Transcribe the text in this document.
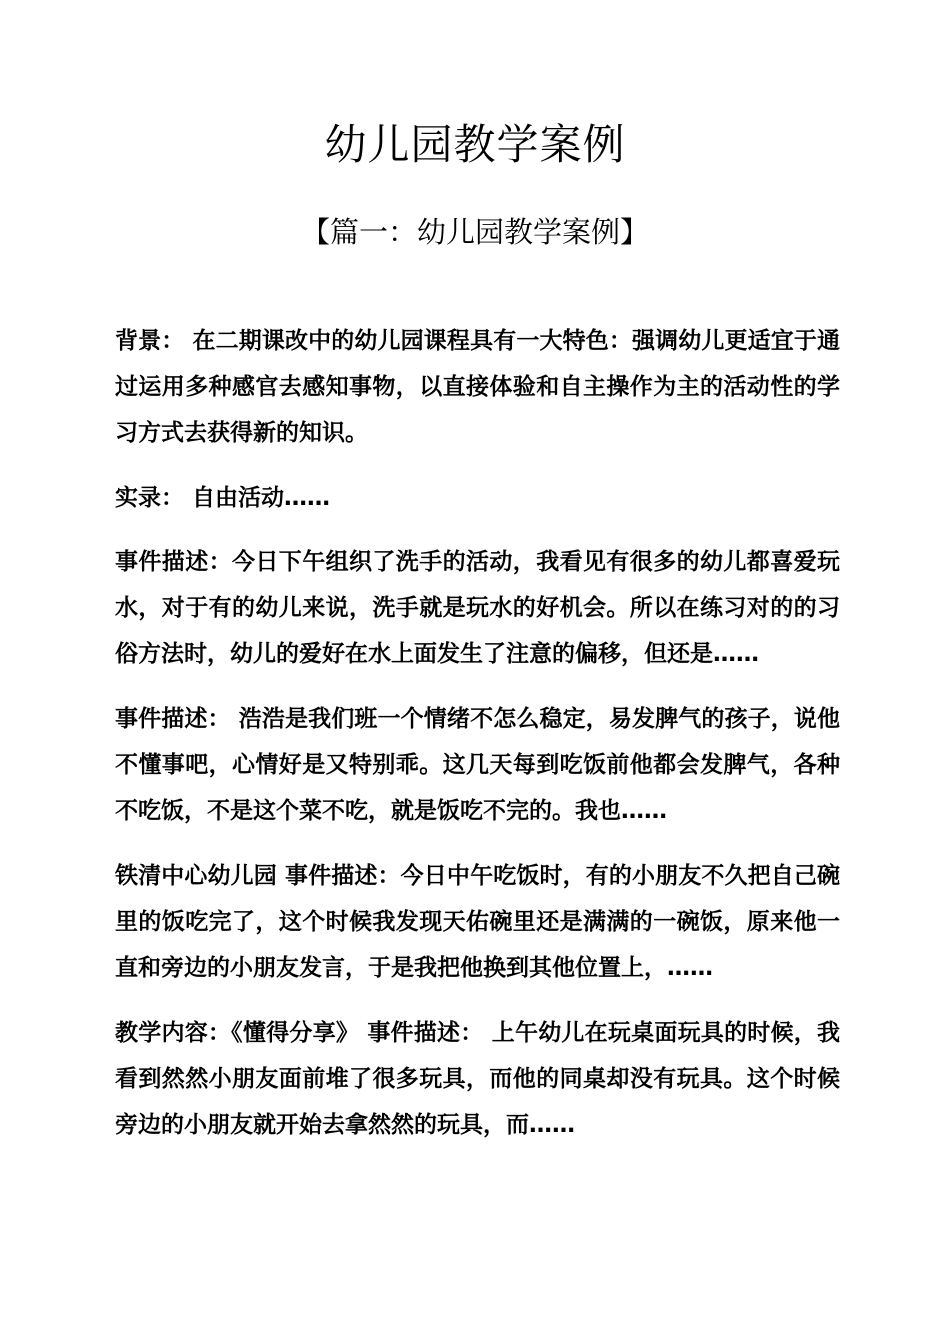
幼儿园教学案例
【篇一：幼儿园教学案例】

背景： 在二期课改中的幼儿园课程具有一大特色：强调幼儿更适宜于通过运用多种感官去感知事物，以直接体验和自主操作为主的活动性的学习方式去获得新的知识。

实录： 自由活动……

事件描述：今日下午组织了洗手的活动，我看见有很多的幼儿都喜爱玩水，对于有的幼儿来说，洗手就是玩水的好机会。所以在练习对的的习俗方法时，幼儿的爱好在水上面发生了注意的偏移，但还是……

事件描述： 浩浩是我们班一个情绪不怎么稳定，易发脾气的孩子，说他不懂事吧，心情好是又特别乖。这几天每到吃饭前他都会发脾气，各种不吃饭，不是这个菜不吃，就是饭吃不完的。我也……

铁清中心幼儿园 事件描述：今日中午吃饭时，有的小朋友不久把自己碗里的饭吃完了，这个时候我发现天佑碗里还是满满的一碗饭，原来他一直和旁边的小朋友发言，于是我把他换到其他位置上，……

教学内容：《懂得分享》 事件描述： 上午幼儿在玩桌面玩具的时候，我看到然然小朋友面前堆了很多玩具，而他的同桌却没有玩具。这个时候旁边的小朋友就开始去拿然然的玩具，而……
